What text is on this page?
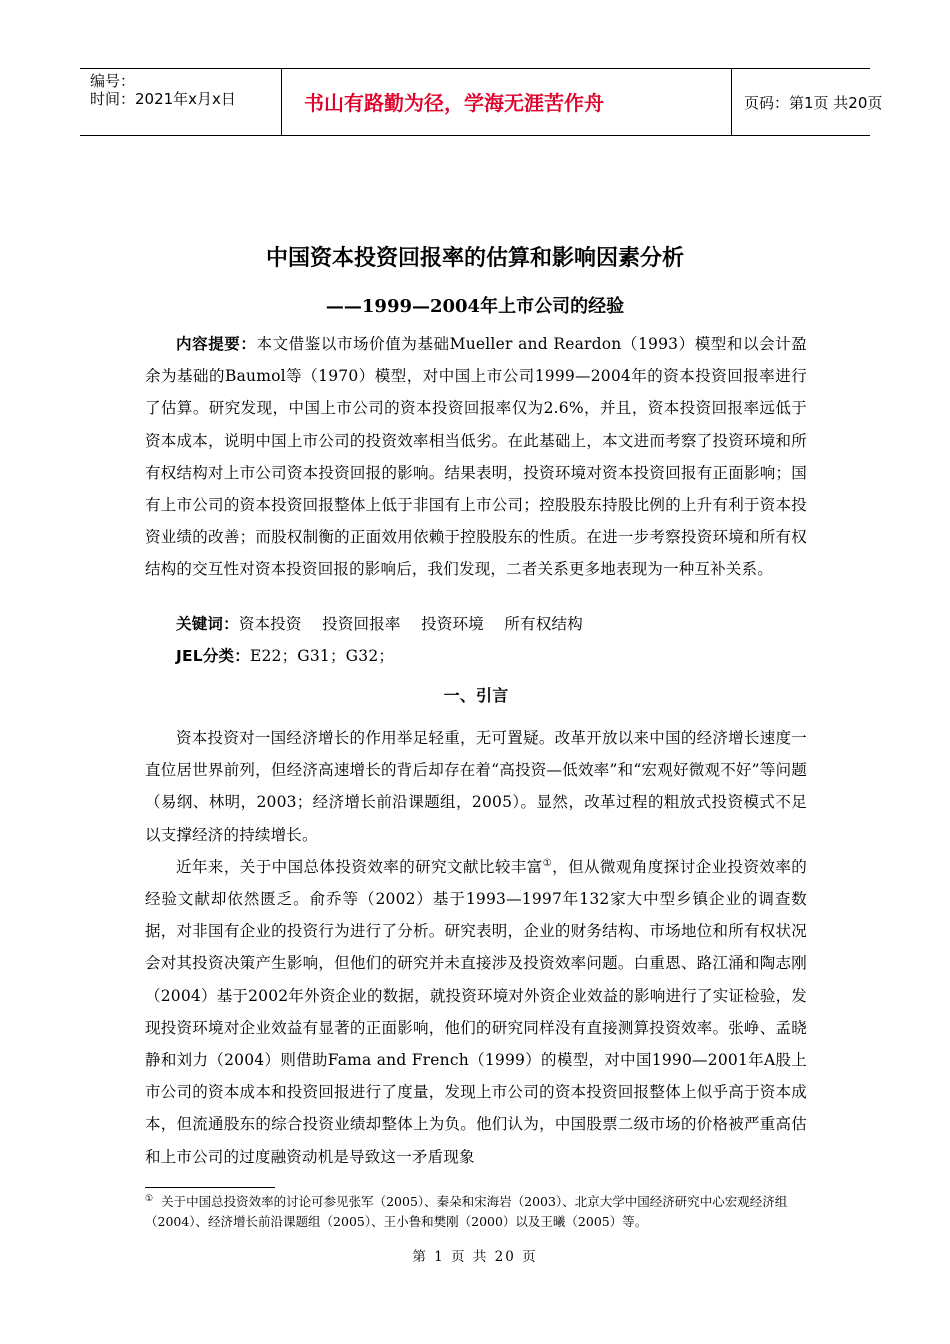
编号：
时间：2021年x月x日	书山有路勤为径，学海无涯苦作舟	页码：第1页 共20页
中国资本投资回报率的估算和影响因素分析
——1999—2004年上市公司的经验

内容提要：本文借鉴以市场价值为基础Mueller and Reardon（1993）模型和以会计盈余为基础的Baumol等（1970）模型，对中国上市公司1999—2004年的资本投资回报率进行了估算。研究发现，中国上市公司的资本投资回报率仅为2.6%，并且，资本投资回报率远低于资本成本，说明中国上市公司的投资效率相当低劣。在此基础上，本文进而考察了投资环境和所有权结构对上市公司资本投资回报的影响。结果表明，投资环境对资本投资回报有正面影响；国有上市公司的资本投资回报整体上低于非国有上市公司；控股股东持股比例的上升有利于资本投资业绩的改善；而股权制衡的正面效用依赖于控股股东的性质。在进一步考察投资环境和所有权结构的交互性对资本投资回报的影响后，我们发现，二者关系更多地表现为一种互补关系。

关键词：资本投资    投资回报率    投资环境    所有权结构

JEL分类：E22；G31；G32；

一、引言

资本投资对一国经济增长的作用举足轻重，无可置疑。改革开放以来中国的经济增长速度一直位居世界前列，但经济高速增长的背后却存在着“高投资—低效率”和“宏观好微观不好”等问题（易纲、林明，2003；经济增长前沿课题组，2005）。显然，改革过程的粗放式投资模式不足以支撑经济的持续增长。

近年来，关于中国总体投资效率的研究文献比较丰富①，但从微观角度探讨企业投资效率的经验文献却依然匮乏。俞乔等（2002）基于1993—1997年132家大中型乡镇企业的调查数据，对非国有企业的投资行为进行了分析。研究表明，企业的财务结构、市场地位和所有权状况会对其投资决策产生影响，但他们的研究并未直接涉及投资效率问题。白重恩、路江涌和陶志刚（2004）基于2002年外资企业的数据，就投资环境对外资企业效益的影响进行了实证检验，发现投资环境对企业效益有显著的正面影响，他们的研究同样没有直接测算投资效率。张峥、孟晓静和刘力（2004）则借助Fama and French（1999）的模型，对中国1990—2001年A股上市公司的资本成本和投资回报进行了度量，发现上市公司的资本投资回报整体上似乎高于资本成本，但流通股东的综合投资业绩却整体上为负。他们认为，中国股票二级市场的价格被严重高估和上市公司的过度融资动机是导致这一矛盾现象

① 关于中国总投资效率的讨论可参见张军（2005）、秦朵和宋海岩（2003）、北京大学中国经济研究中心宏观经济组（2004）、经济增长前沿课题组（2005）、王小鲁和樊刚（2000）以及王曦（2005）等。
第 1 页 共 20 页
